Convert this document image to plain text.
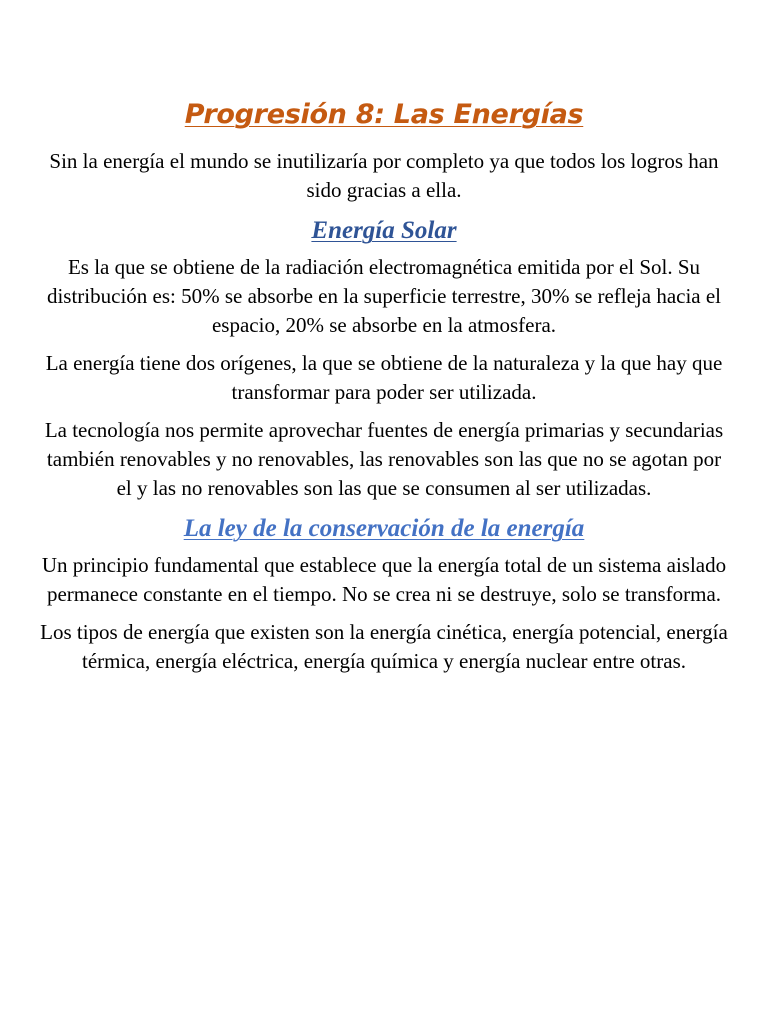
Progresión 8: Las Energías

Sin la energía el mundo se inutilizaría por completo ya que todos los logros han sido gracias a ella.

Energía Solar

Es la que se obtiene de la radiación electromagnética emitida por el Sol. Su distribución es: 50% se absorbe en la superficie terrestre, 30% se refleja hacia el espacio, 20% se absorbe en la atmosfera.

La energía tiene dos orígenes, la que se obtiene de la naturaleza y la que hay que transformar para poder ser utilizada.

La tecnología nos permite aprovechar fuentes de energía primarias y secundarias también renovables y no renovables, las renovables son las que no se agotan por el y las no renovables son las que se consumen al ser utilizadas.

La ley de la conservación de la energía

Un principio fundamental que establece que la energía total de un sistema aislado permanece constante en el tiempo. No se crea ni se destruye, solo se transforma.

Los tipos de energía que existen son la energía cinética, energía potencial, energía térmica, energía eléctrica, energía química y energía nuclear entre otras.
